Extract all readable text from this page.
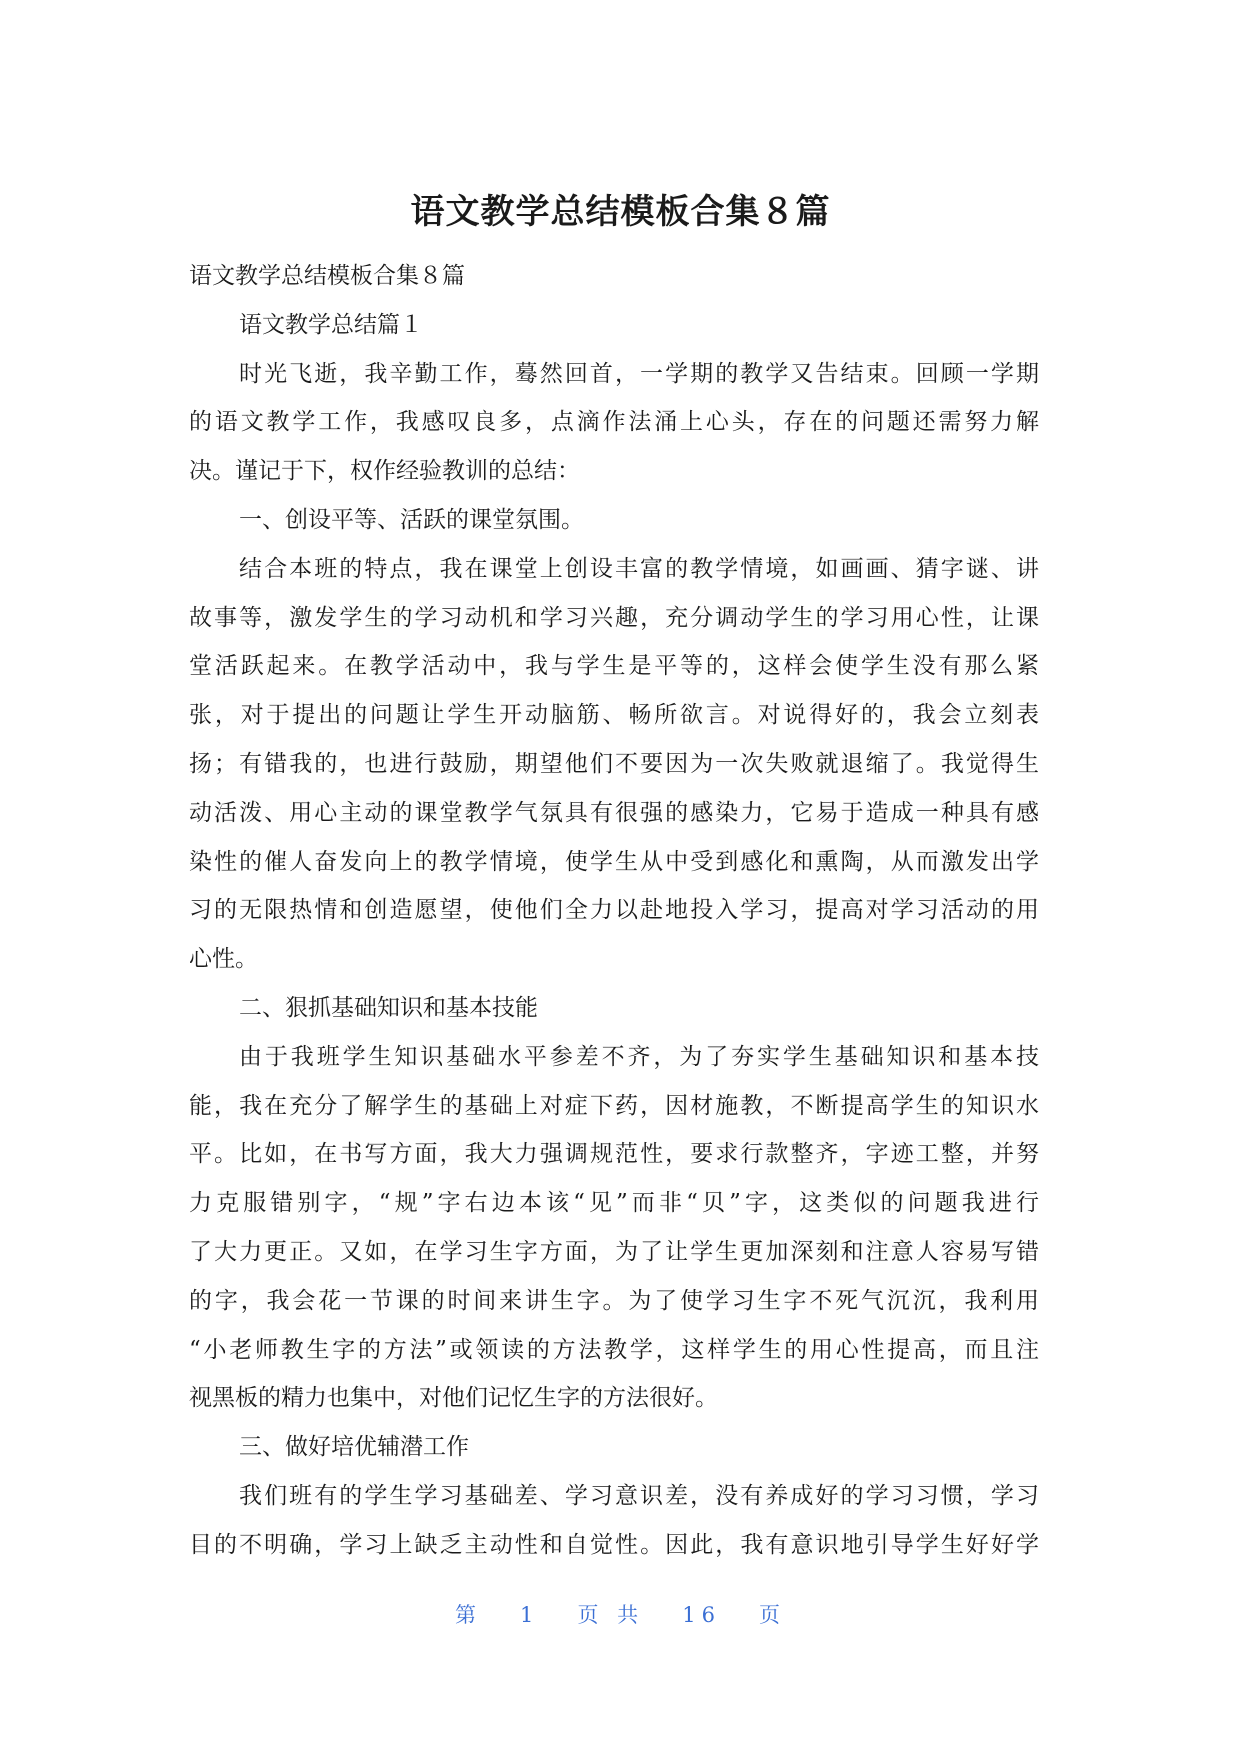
语文教学总结模板合集８篇
语文教学总结模板合集８篇
语文教学总结篇１
时光飞逝，我辛勤工作，蓦然回首，一学期的教学又告结束。回顾一学期
的语文教学工作，我感叹良多，点滴作法涌上心头，存在的问题还需努力解
决。谨记于下，权作经验教训的总结：
一、创设平等、活跃的课堂氛围。
结合本班的特点，我在课堂上创设丰富的教学情境，如画画、猜字谜、讲
故事等，激发学生的学习动机和学习兴趣，充分调动学生的学习用心性，让课
堂活跃起来。在教学活动中，我与学生是平等的，这样会使学生没有那么紧
张，对于提出的问题让学生开动脑筋、畅所欲言。对说得好的，我会立刻表
扬；有错我的，也进行鼓励，期望他们不要因为一次失败就退缩了。我觉得生
动活泼、用心主动的课堂教学气氛具有很强的感染力，它易于造成一种具有感
染性的催人奋发向上的教学情境，使学生从中受到感化和熏陶，从而激发出学
习的无限热情和创造愿望，使他们全力以赴地投入学习，提高对学习活动的用
心性。
二、狠抓基础知识和基本技能
由于我班学生知识基础水平参差不齐，为了夯实学生基础知识和基本技
能，我在充分了解学生的基础上对症下药，因材施教，不断提高学生的知识水
平。比如，在书写方面，我大力强调规范性，要求行款整齐，字迹工整，并努
力克服错别字，“规”字右边本该“见”而非“贝”字，这类似的问题我进行
了大力更正。又如，在学习生字方面，为了让学生更加深刻和注意人容易写错
的字，我会花一节课的时间来讲生字。为了使学习生字不死气沉沉，我利用
“小老师教生字的方法”或领读的方法教学，这样学生的用心性提高，而且注
视黑板的精力也集中，对他们记忆生字的方法很好。
三、做好培优辅潜工作
我们班有的学生学习基础差、学习意识差，没有养成好的学习习惯，学习
目的不明确，学习上缺乏主动性和自觉性。因此，我有意识地引导学生好好学
第 1 页 共 16 页
